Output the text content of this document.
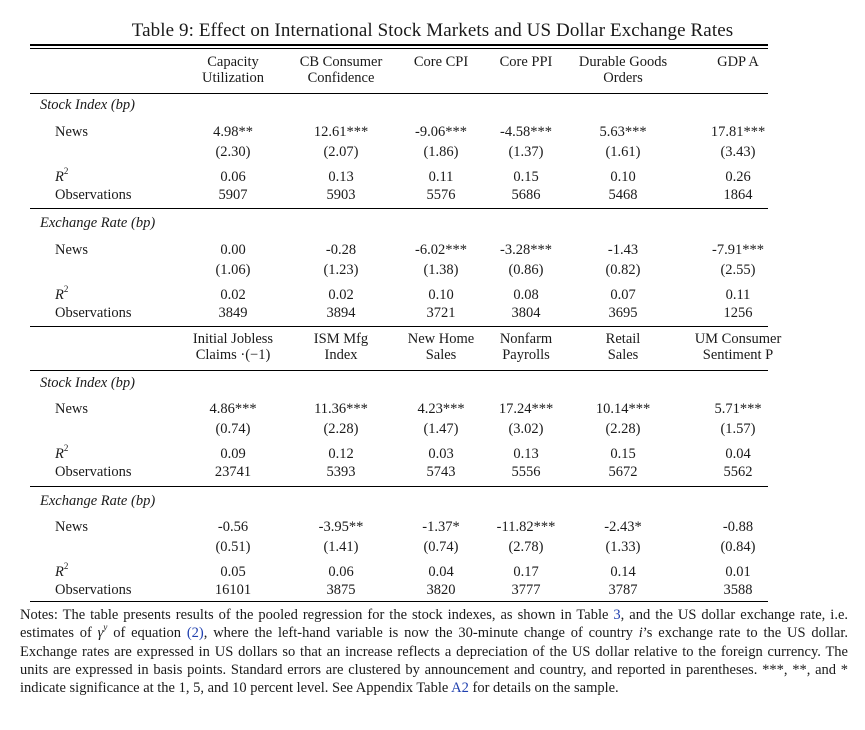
Table 9: Effect on International Stock Markets and US Dollar Exchange Rates
Capacity
Utilization
CB Consumer
Confidence
Core CPI Core PPI Durable Goods
Orders
GDP A
Stock Index (bp)
News
$R^2$
Observations
4.98**
(2.30)
0.06
5907
12.61***
(2.07)
0.13
5903
-9.06***
(1.86)
0.11
5576
-4.58***
(1.37)
0.15
5686
5.63***
(1.61)
0.10
5468
17.81***
(3.43)
0.26
1864
Exchange Rate (bp)
News
$R^2$
Observations
0.00
(1.06)
0.02
3849
-0.28
(1.23)
0.02
3894
-6.02***
(1.38)
0.10
3721
-3.28***
(0.86)
0.08
3804
-1.43
(0.82)
0.07
3695
-7.91***
(2.55)
0.11
1256
Initial Jobless
Claims ·(−1)
ISM Mfg
Index
New Home
Sales
Nonfarm
Payrolls
Retail
Sales
UM Consumer
Sentiment P
Stock Index (bp)
News
$R^2$
Observations
4.86***
(0.74)
0.09
23741
11.36***
(2.28)
0.12
5393
4.23***
(1.47)
0.03
5743
17.24***
(3.02)
0.13
5556
10.14***
(2.28)
0.15
5672
5.71***
(1.57)
0.04
5562
Exchange Rate (bp)
News
$R^2$
Observations
-0.56
(0.51)
0.05
16101
-3.95**
(1.41)
0.06
3875
-1.37*
(0.74)
0.04
3820
-11.82***
(2.78)
0.17
3777
-2.43*
(1.33)
0.14
3787
-0.88
(0.84)
0.01
3588
Notes: The table presents results of the pooled regression for the stock indexes, as shown in Table 3, and the US dollar exchange rate, i.e. estimates of $\gamma^y$ of equation (2), where the left-hand variable is now the 30-minute change of country i’s exchange rate to the US dollar. Exchange rates are expressed in US dollars so that an increase reflects a depreciation of the US dollar relative to the foreign currency. The units are expressed in basis points. Standard errors are clustered by announcement and country, and reported in parentheses. ***, **, and * indicate significance at the 1, 5, and 10 percent level. See Appendix Table A2 for details on the sample.
